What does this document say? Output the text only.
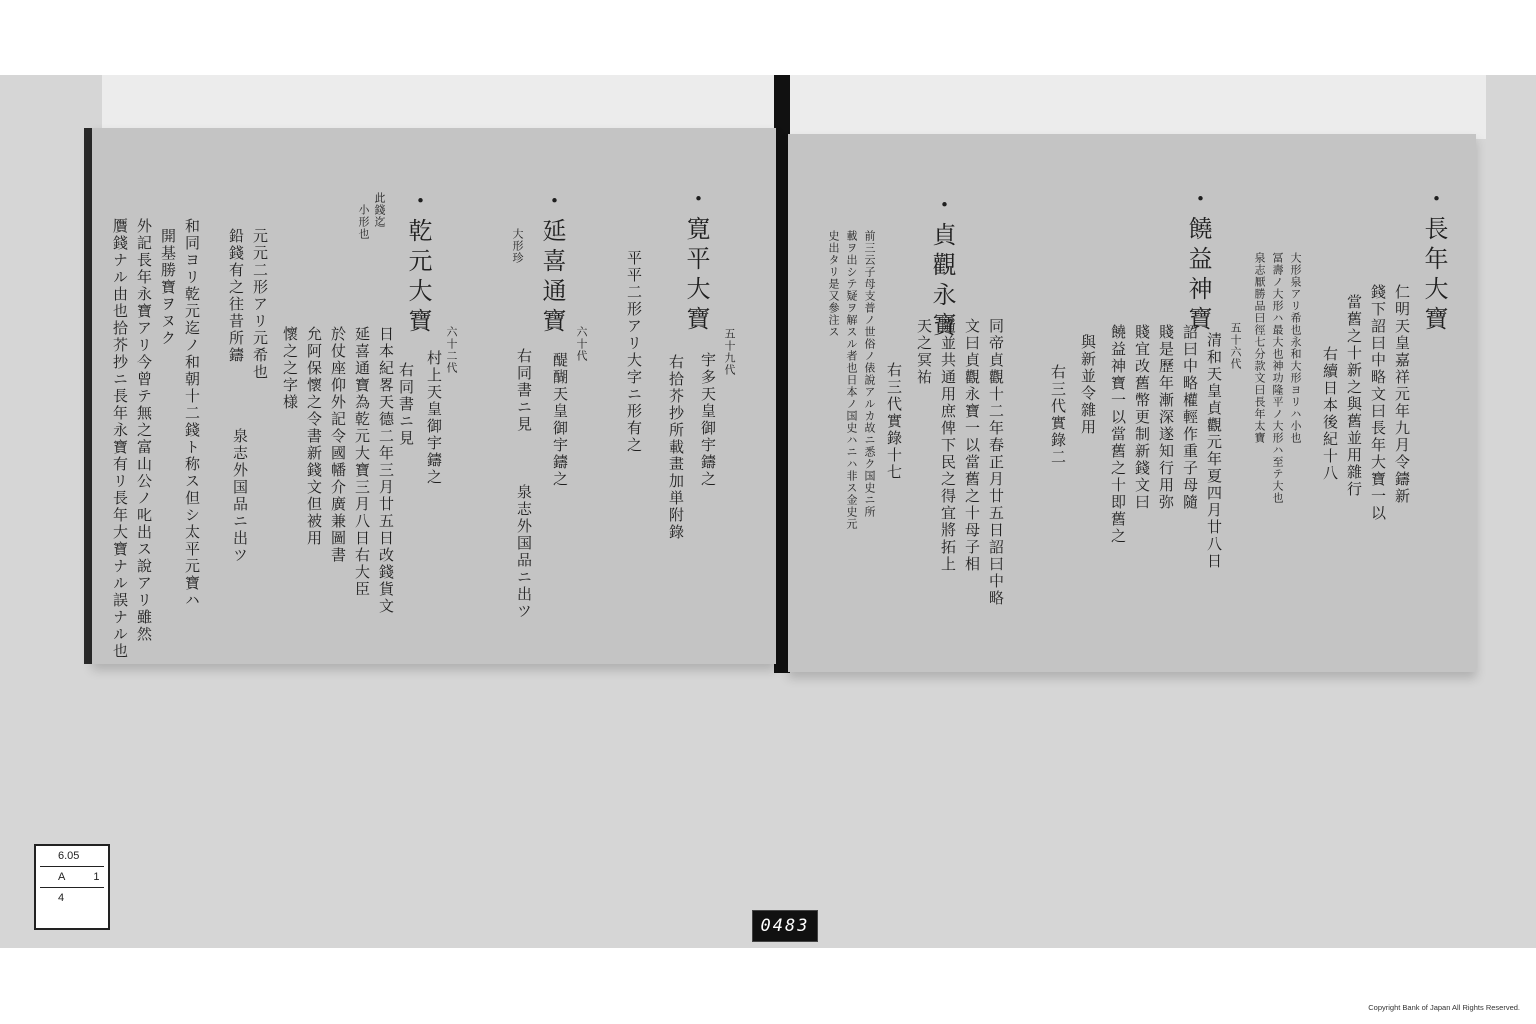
・長年大寶
仁明天皇嘉祥元年九月令鑄新
錢下詔曰中略文曰長年大寶一以
當舊之十新之與舊並用雜行
右續日本後紀十八
大形泉アリ希也永和大形ヨリハ小也
冨壽ノ大形ハ最大也神功隆平ノ大形ハ至テ大也
泉志厭勝品曰徑七分款文曰長年太寶
・饒益神寶
五十六代
清和天皇貞觀元年夏四月廿八日
詔曰中略權輕作重子母隨
賤是歷年漸深遂知行用弥
賤宜改舊幣更制新錢文曰
饒益神寶一以當舊之十即舊之
與新並令雜用
右三代實錄二
・貞觀永寶
同帝貞觀十二年春正月廿五日詔曰中略
文曰貞觀永寶一以當舊之十母子相
隨並共通用庶俾下民之得宜將拓上
天之冥祐
右三代實錄十七
前三云子母支普ノ世俗ノ俵說アルカ故ニ悉ク国史ニ所
載ヲ出シテ疑ヲ解スル者也日本ノ国史ハニハ非ス金史元
史出タリ是又參注ス
・寛平大寶
五十九代
宇多天皇御宇鑄之
右拾芥抄所載畫加単附錄
平平二形アリ大字ニ形有之
・延喜通寶
大形珍
六十代
醍醐天皇御宇鑄之
右同書ニ見
泉志外国品ニ出ツ
・乾元大寶
六十二代
村上天皇御宇鑄之
右同書ニ見
此錢迄
小形也
日本紀畧天德二年三月廿五日改錢貨文
延喜通寶為乾元大寶三月八日右大臣
於仗座仰外記令國幡介廣兼圖書
允阿保懷之令書新錢文但被用
懷之之字様
泉志外国品ニ出ツ
元元二形アリ元希也
鉛錢有之往昔所鑄
和同ヨリ乾元迄ノ和朝十二錢ト称ス但シ太平元寶ハ
開基勝寶ヲヌク
外記長年永寶アリ今曾テ無之富山公ノ叱出ス說アリ雖然
贋錢ナル由也拾芥抄ニ長年永寶有リ長年大寶ナル誤ナル也
6.05
A	1
4
0483
Copyright Bank of Japan All Rights Reserved.
